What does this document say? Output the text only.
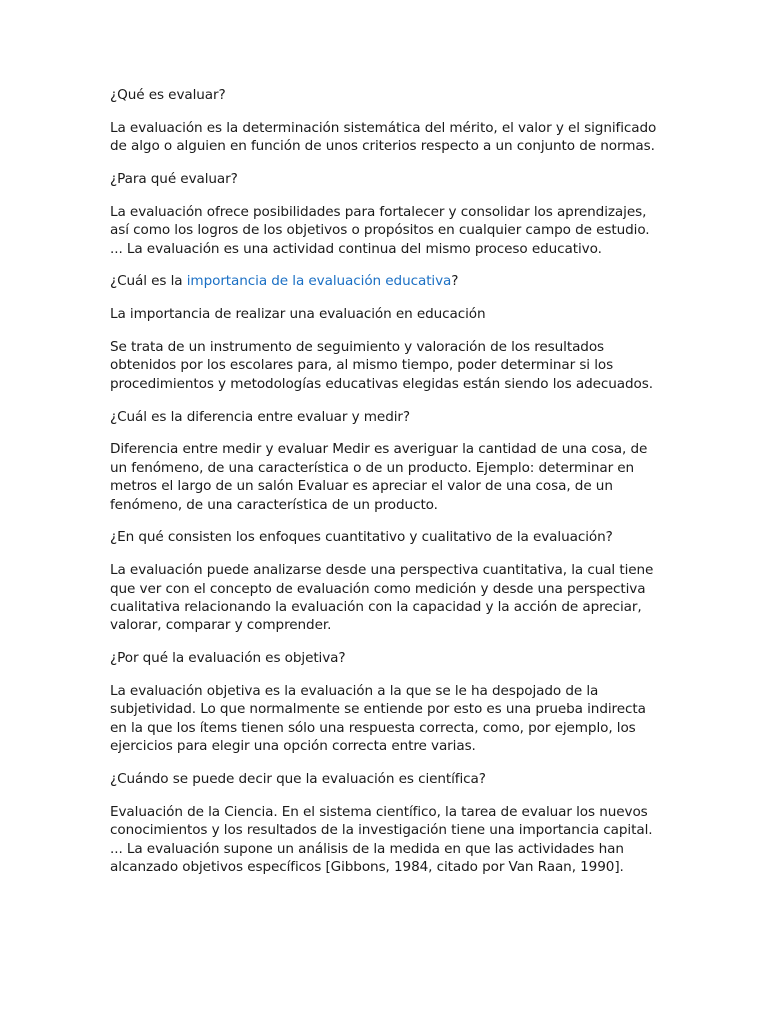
¿Qué es evaluar?

La evaluación es la determinación sistemática del mérito, el valor y el significado de algo o alguien en función de unos criterios respecto a un conjunto de normas.

¿Para qué evaluar?

La evaluación ofrece posibilidades para fortalecer y consolidar los aprendizajes, así como los logros de los objetivos o propósitos en cualquier campo de estudio. ... La evaluación es una actividad continua del mismo proceso educativo.

¿Cuál es la importancia de la evaluación educativa?

La importancia de realizar una evaluación en educación

Se trata de un instrumento de seguimiento y valoración de los resultados obtenidos por los escolares para, al mismo tiempo, poder determinar si los procedimientos y metodologías educativas elegidas están siendo los adecuados.

¿Cuál es la diferencia entre evaluar y medir?

Diferencia entre medir y evaluar Medir es averiguar la cantidad de una cosa, de un fenómeno, de una característica o de un producto. Ejemplo: determinar en metros el largo de un salón Evaluar es apreciar el valor de una cosa, de un fenómeno, de una característica de un producto.

¿En qué consisten los enfoques cuantitativo y cualitativo de la evaluación?

La evaluación puede analizarse desde una perspectiva cuantitativa, la cual tiene que ver con el concepto de evaluación como medición y desde una perspectiva cualitativa relacionando la evaluación con la capacidad y la acción de apreciar, valorar, comparar y comprender.

¿Por qué la evaluación es objetiva?

La evaluación objetiva es la evaluación a la que se le ha despojado de la subjetividad. Lo que normalmente se entiende por esto es una prueba indirecta en la que los ítems tienen sólo una respuesta correcta, como, por ejemplo, los ejercicios para elegir una opción correcta entre varias.

¿Cuándo se puede decir que la evaluación es científica?

Evaluación de la Ciencia. En el sistema científico, la tarea de evaluar los nuevos conocimientos y los resultados de la investigación tiene una importancia capital. ... La evaluación supone un análisis de la medida en que las actividades han alcanzado objetivos específicos [Gibbons, 1984, citado por Van Raan, 1990].
